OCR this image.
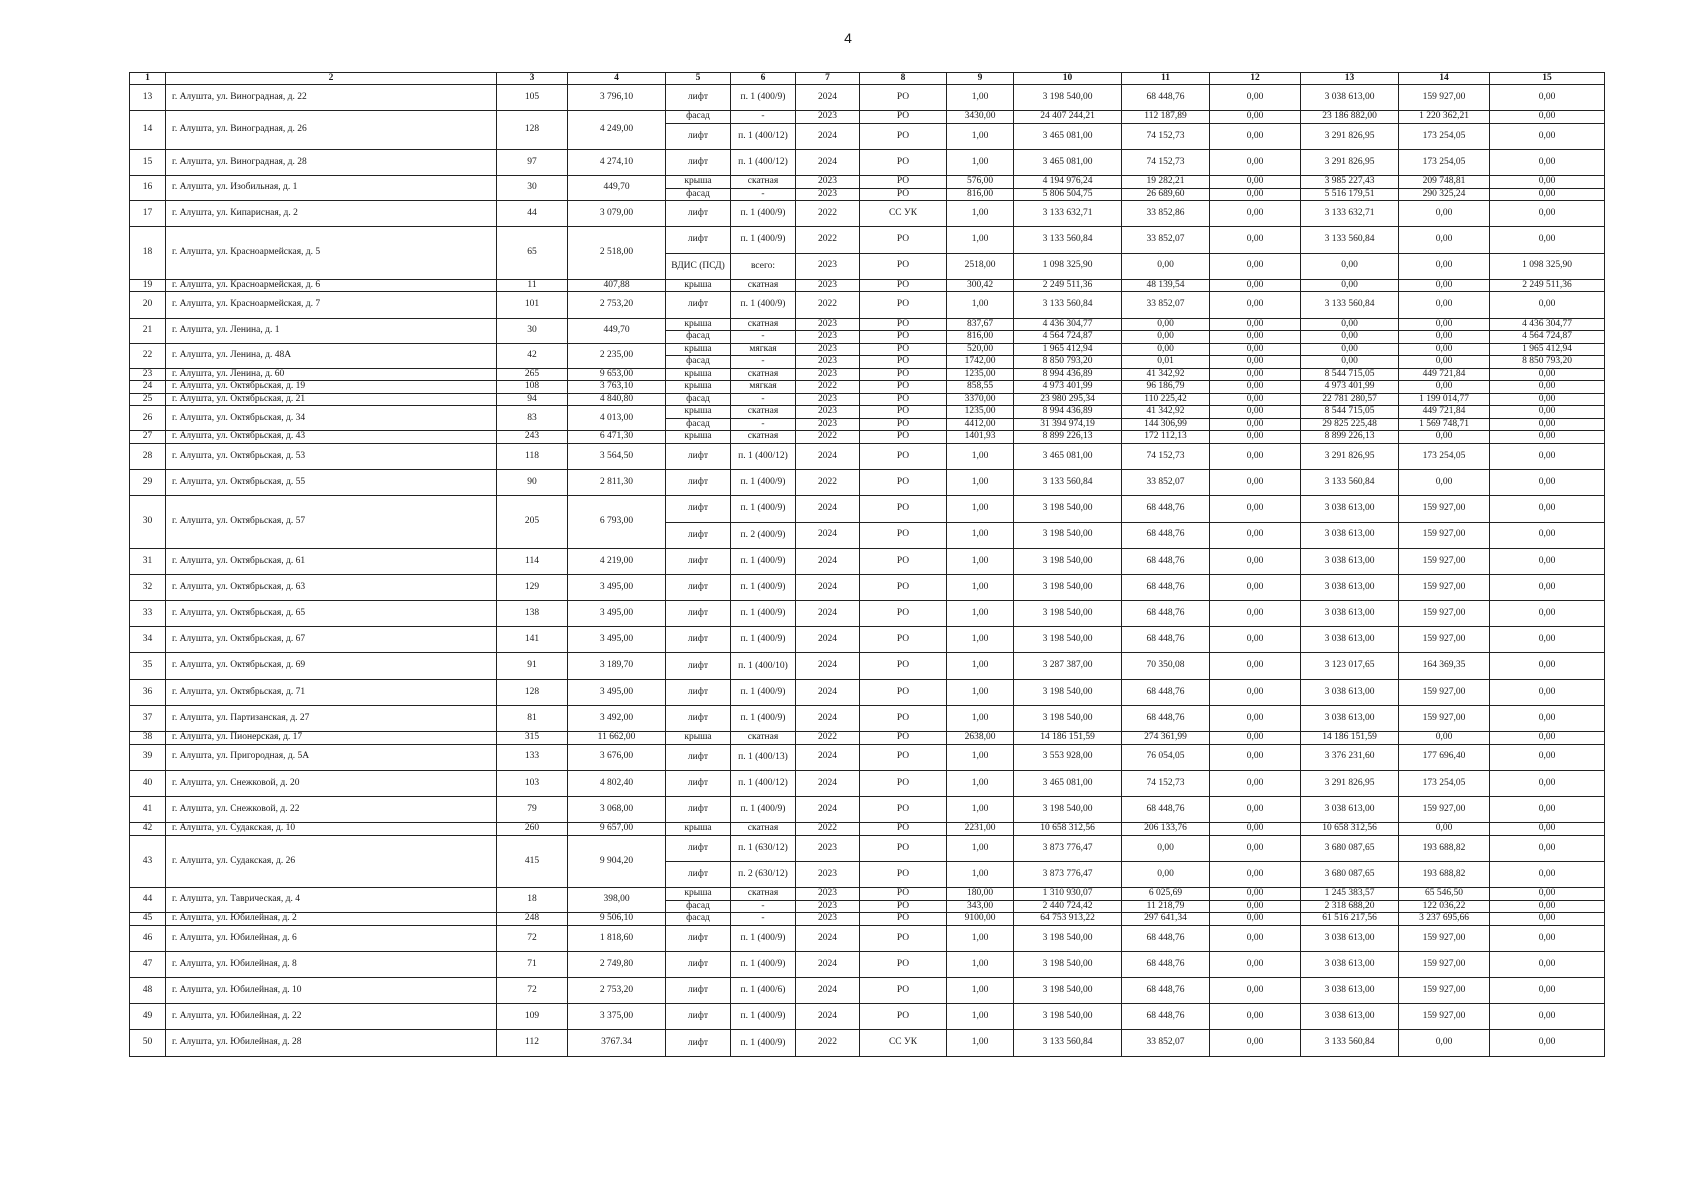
4
1	2	3	4	5	6	7	8	9	10	11	12	13	14	15
13	г. Алушта, ул. Виноградная, д. 22	105	3 796,10	лифт	п. 1 (400/9)	2024	РО	1,00	3 198 540,00	68 448,76	0,00	3 038 613,00	159 927,00	0,00
14	г. Алушта, ул. Виноградная, д. 26	128	4 249,00	фасад	-	2023	РО	3430,00	24 407 244,21	112 187,89	0,00	23 186 882,00	1 220 362,21	0,00
				лифт	п. 1 (400/12)	2024	РО	1,00	3 465 081,00	74 152,73	0,00	3 291 826,95	173 254,05	0,00
15	г. Алушта, ул. Виноградная, д. 28	97	4 274,10	лифт	п. 1 (400/12)	2024	РО	1,00	3 465 081,00	74 152,73	0,00	3 291 826,95	173 254,05	0,00
16	г. Алушта, ул. Изобильная, д. 1	30	449,70	крыша	скатная	2023	РО	576,00	4 194 976,24	19 282,21	0,00	3 985 227,43	209 748,81	0,00
				фасад	-	2023	РО	816,00	5 806 504,75	26 689,60	0,00	5 516 179,51	290 325,24	0,00
17	г. Алушта, ул. Кипарисная, д. 2	44	3 079,00	лифт	п. 1 (400/9)	2022	СС УК	1,00	3 133 632,71	33 852,86	0,00	3 133 632,71	0,00	0,00
18	г. Алушта, ул. Красноармейская, д. 5	65	2 518,00	лифт	п. 1 (400/9)	2022	РО	1,00	3 133 560,84	33 852,07	0,00	3 133 560,84	0,00	0,00
				ВДИС (ПСД)	всего:	2023	РО	2518,00	1 098 325,90	0,00	0,00	0,00	0,00	1 098 325,90
19	г. Алушта, ул. Красноармейская, д. 6	11	407,88	крыша	скатная	2023	РО	300,42	2 249 511,36	48 139,54	0,00	0,00	0,00	2 249 511,36
20	г. Алушта, ул. Красноармейская, д. 7	101	2 753,20	лифт	п. 1 (400/9)	2022	РО	1,00	3 133 560,84	33 852,07	0,00	3 133 560,84	0,00	0,00
21	г. Алушта, ул. Ленина, д. 1	30	449,70	крыша	скатная	2023	РО	837,67	4 436 304,77	0,00	0,00	0,00	0,00	4 436 304,77
				фасад	-	2023	РО	816,00	4 564 724,87	0,00	0,00	0,00	0,00	4 564 724,87
22	г. Алушта, ул. Ленина, д. 48А	42	2 235,00	крыша	мягкая	2023	РО	520,00	1 965 412,94	0,00	0,00	0,00	0,00	1 965 412,94
				фасад	-	2023	РО	1742,00	8 850 793,20	0,01	0,00	0,00	0,00	8 850 793,20
23	г. Алушта, ул. Ленина, д. 60	265	9 653,00	крыша	скатная	2023	РО	1235,00	8 994 436,89	41 342,92	0,00	8 544 715,05	449 721,84	0,00
24	г. Алушта, ул. Октябрьская, д. 19	108	3 763,10	крыша	мягкая	2022	РО	858,55	4 973 401,99	96 186,79	0,00	4 973 401,99	0,00	0,00
25	г. Алушта, ул. Октябрьская, д. 21	94	4 840,80	фасад	-	2023	РО	3370,00	23 980 295,34	110 225,42	0,00	22 781 280,57	1 199 014,77	0,00
26	г. Алушта, ул. Октябрьская, д. 34	83	4 013,00	крыша	скатная	2023	РО	1235,00	8 994 436,89	41 342,92	0,00	8 544 715,05	449 721,84	0,00
				фасад	-	2023	РО	4412,00	31 394 974,19	144 306,99	0,00	29 825 225,48	1 569 748,71	0,00
27	г. Алушта, ул. Октябрьская, д. 43	243	6 471,30	крыша	скатная	2022	РО	1401,93	8 899 226,13	172 112,13	0,00	8 899 226,13	0,00	0,00
28	г. Алушта, ул. Октябрьская, д. 53	118	3 564,50	лифт	п. 1 (400/12)	2024	РО	1,00	3 465 081,00	74 152,73	0,00	3 291 826,95	173 254,05	0,00
29	г. Алушта, ул. Октябрьская, д. 55	90	2 811,30	лифт	п. 1 (400/9)	2022	РО	1,00	3 133 560,84	33 852,07	0,00	3 133 560,84	0,00	0,00
30	г. Алушта, ул. Октябрьская, д. 57	205	6 793,00	лифт	п. 1 (400/9)	2024	РО	1,00	3 198 540,00	68 448,76	0,00	3 038 613,00	159 927,00	0,00
				лифт	п. 2 (400/9)	2024	РО	1,00	3 198 540,00	68 448,76	0,00	3 038 613,00	159 927,00	0,00
31	г. Алушта, ул. Октябрьская, д. 61	114	4 219,00	лифт	п. 1 (400/9)	2024	РО	1,00	3 198 540,00	68 448,76	0,00	3 038 613,00	159 927,00	0,00
32	г. Алушта, ул. Октябрьская, д. 63	129	3 495,00	лифт	п. 1 (400/9)	2024	РО	1,00	3 198 540,00	68 448,76	0,00	3 038 613,00	159 927,00	0,00
33	г. Алушта, ул. Октябрьская, д. 65	138	3 495,00	лифт	п. 1 (400/9)	2024	РО	1,00	3 198 540,00	68 448,76	0,00	3 038 613,00	159 927,00	0,00
34	г. Алушта, ул. Октябрьская, д. 67	141	3 495,00	лифт	п. 1 (400/9)	2024	РО	1,00	3 198 540,00	68 448,76	0,00	3 038 613,00	159 927,00	0,00
35	г. Алушта, ул. Октябрьская, д. 69	91	3 189,70	лифт	п. 1 (400/10)	2024	РО	1,00	3 287 387,00	70 350,08	0,00	3 123 017,65	164 369,35	0,00
36	г. Алушта, ул. Октябрьская, д. 71	128	3 495,00	лифт	п. 1 (400/9)	2024	РО	1,00	3 198 540,00	68 448,76	0,00	3 038 613,00	159 927,00	0,00
37	г. Алушта, ул. Партизанская, д. 27	81	3 492,00	лифт	п. 1 (400/9)	2024	РО	1,00	3 198 540,00	68 448,76	0,00	3 038 613,00	159 927,00	0,00
38	г. Алушта, ул. Пионерская, д. 17	315	11 662,00	крыша	скатная	2022	РО	2638,00	14 186 151,59	274 361,99	0,00	14 186 151,59	0,00	0,00
39	г. Алушта, ул. Пригородная, д. 5А	133	3 676,00	лифт	п. 1 (400/13)	2024	РО	1,00	3 553 928,00	76 054,05	0,00	3 376 231,60	177 696,40	0,00
40	г. Алушта, ул. Снежковой, д. 20	103	4 802,40	лифт	п. 1 (400/12)	2024	РО	1,00	3 465 081,00	74 152,73	0,00	3 291 826,95	173 254,05	0,00
41	г. Алушта, ул. Снежковой, д. 22	79	3 068,00	лифт	п. 1 (400/9)	2024	РО	1,00	3 198 540,00	68 448,76	0,00	3 038 613,00	159 927,00	0,00
42	г. Алушта, ул. Судакская, д. 10	260	9 657,00	крыша	скатная	2022	РО	2231,00	10 658 312,56	206 133,76	0,00	10 658 312,56	0,00	0,00
43	г. Алушта, ул. Судакская, д. 26	415	9 904,20	лифт	п. 1 (630/12)	2023	РО	1,00	3 873 776,47	0,00	0,00	3 680 087,65	193 688,82	0,00
				лифт	п. 2 (630/12)	2023	РО	1,00	3 873 776,47	0,00	0,00	3 680 087,65	193 688,82	0,00
44	г. Алушта, ул. Таврическая, д. 4	18	398,00	крыша	скатная	2023	РО	180,00	1 310 930,07	6 025,69	0,00	1 245 383,57	65 546,50	0,00
				фасад	-	2023	РО	343,00	2 440 724,42	11 218,79	0,00	2 318 688,20	122 036,22	0,00
45	г. Алушта, ул. Юбилейная, д. 2	248	9 506,10	фасад	-	2023	РО	9100,00	64 753 913,22	297 641,34	0,00	61 516 217,56	3 237 695,66	0,00
46	г. Алушта, ул. Юбилейная, д. 6	72	1 818,60	лифт	п. 1 (400/9)	2024	РО	1,00	3 198 540,00	68 448,76	0,00	3 038 613,00	159 927,00	0,00
47	г. Алушта, ул. Юбилейная, д. 8	71	2 749,80	лифт	п. 1 (400/9)	2024	РО	1,00	3 198 540,00	68 448,76	0,00	3 038 613,00	159 927,00	0,00
48	г. Алушта, ул. Юбилейная, д. 10	72	2 753,20	лифт	п. 1 (400/6)	2024	РО	1,00	3 198 540,00	68 448,76	0,00	3 038 613,00	159 927,00	0,00
49	г. Алушта, ул. Юбилейная, д. 22	109	3 375,00	лифт	п. 1 (400/9)	2024	РО	1,00	3 198 540,00	68 448,76	0,00	3 038 613,00	159 927,00	0,00
50	г. Алушта, ул. Юбилейная, д. 28	112	3767.34	лифт	п. 1 (400/9)	2022	СС УК	1,00	3 133 560,84	33 852,07	0,00	3 133 560,84	0,00	0,00
